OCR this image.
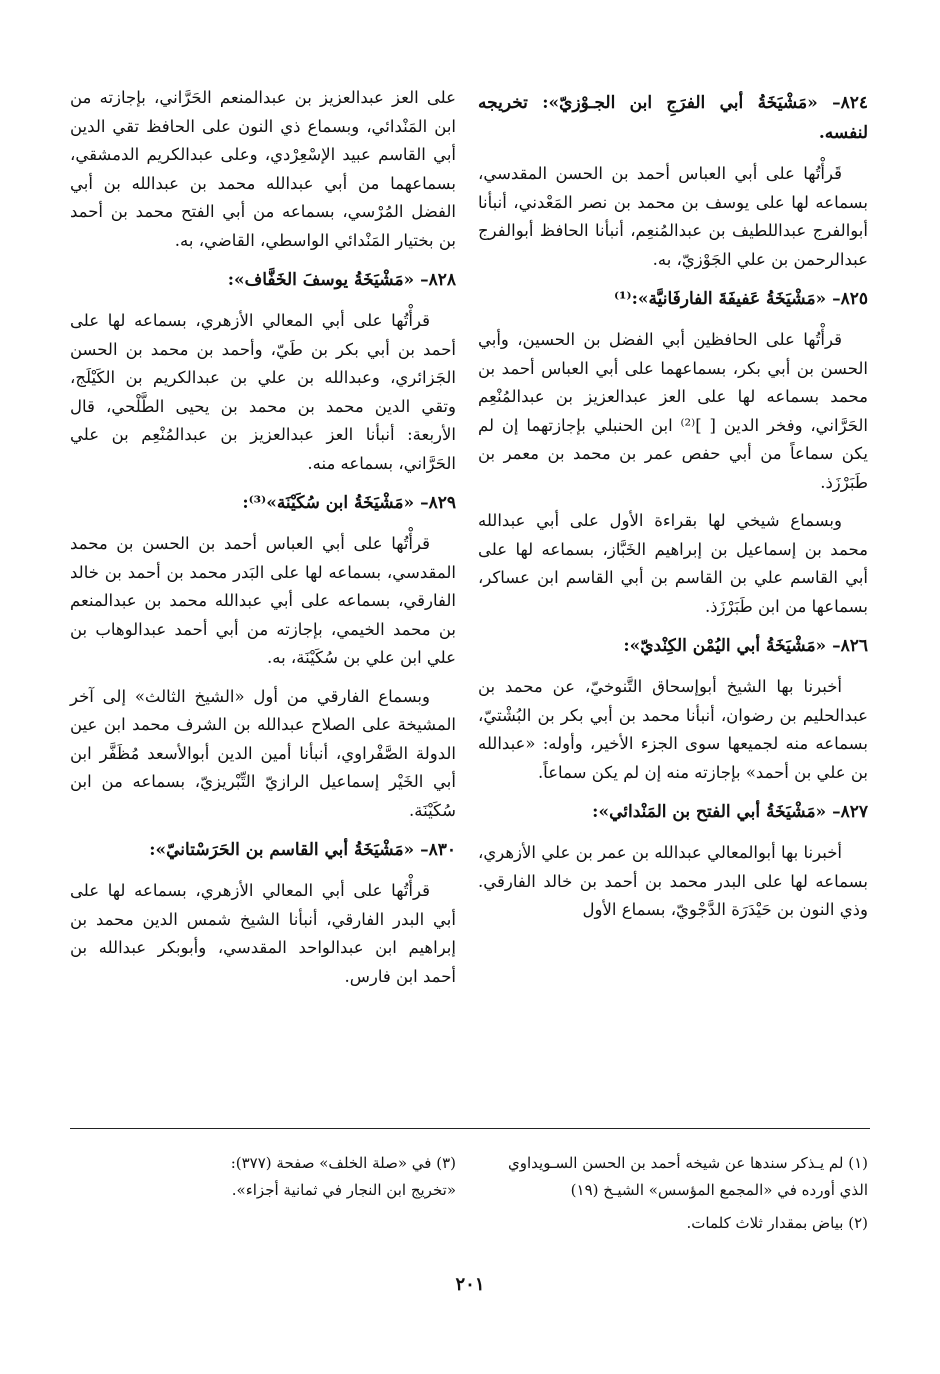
٨٢٤– «مَشْيَخَةُ أبي الفرَجِ ابن الجـوْزيّ»: تخريجه لنفسه.

قَرأْتُها على أبي العباس أحمد بن الحسن المقدسي، بسماعه لها على يوسف بن محمد بن نصر المَعْدني، أنبأنا أبوالفرج عبداللطيف بن عبدالمُنعِم، أنبأنا الحافظ أبوالفرج عبدالرحمن بن علي الجَوْزيّ، به.

٨٢٥– «مَشْيَخَةُ عَفيفَةَ الفارفَانيَّة»:⁽¹⁾

قرأْتُها على الحافظين أبي الفضل بن الحسين، وأبي الحسن بن أبي بكر، بسماعهما على أبي العباس أحمد بن محمد بسماعه لها على العز عبدالعزيز بن عبدالمُنْعِم الحَرَّاني، وفخر الدين [ ]⁽²⁾ ابن الحنبلي بإجازتهما إن لم يكن سماعاً من أبي حفص عمر بن محمد بن معمر بن طَبَرْزَذ.

وبسماع شيخي لها بقراءة الأول على أبي عبدالله محمد بن إسماعيل بن إبراهيم الخَبَّاز، بسماعه لها على أبي القاسم علي بن القاسم بن أبي القاسم ابن عساكر، بسماعها من ابن طَبَرْزَذ.

٨٢٦– «مَشْيَخَةُ أبي اليُمْن الكِنْديّ»:

أخبرنا بها الشيخ أبوإسحاق التَّنوخيّ، عن محمد بن عبدالحليم بن رضوان، أنبأنا محمد بن أبي بكر بن البُشْتيّ، بسماعه منه لجميعها سوى الجزء الأخير، وأوله: «عبدالله بن علي بن أحمد» بإجازته منه إن لم يكن سماعاً.

٨٢٧– «مَشْيَخَةُ أبي الفتح بن المَنْدائي»:

أخبرنا بها أبوالمعالي عبدالله بن عمر بن علي الأزهري، بسماعه لها على البدر محمد بن أحمد بن خالد الفارقي. وذي النون بن حَيْدَرَة الدَّجْويّ، بسماع الأول

على العز عبدالعزيز بن عبدالمنعم الحَرَّاني، بإجازته من ابن المَنْدائي، وبسماع ذي النون على الحافظ تقي الدين أبي القاسم عبيد الإسْعِرْدي، وعلى عبدالكريم الدمشقي، بسماعهما من أبي عبدالله محمد بن عبدالله بن أبي الفضل المُرْسي، بسماعه من أبي الفتح محمد بن أحمد بن بختيار المَنْدائي الواسطي، القاضي، به.

٨٢٨– «مَشْيَخَةُ يوسفَ الخَفَّاف»:

قرأْتُها على أبي المعالي الأزهري، بسماعه لها على أحمد بن أبي بكر بن طَيّ، وأحمد بن محمد بن الحسن الجَزائري، وعبدالله بن علي بن عبدالكريم بن الكَيْلَج، وتقي الدين محمد بن محمد بن يحيى الطَّلْحي، قال الأربعة: أنبأنا العز عبدالعزيز بن عبدالمُنْعِم بن علي الحَرَّاني، بسماعه منه.

٨٢٩– «مَشْيَخَةُ ابن سُكَيْنَة»⁽³⁾:

قرأْتُها على أبي العباس أحمد بن الحسن بن محمد المقدسي، بسماعه لها على البَدر محمد بن أحمد بن خالد الفارقي، بسماعه على أبي عبدالله محمد بن عبدالمنعم بن محمد الخيمي، بإجازته من أبي أحمد عبدالوهاب بن علي ابن علي بن سُكَيْنَة، به.

وبسماع الفارقي من أول «الشيخ الثالث» إلى آخر المشيخة على الصلاح عبدالله بن الشرف محمد ابن عين الدولة الصَّفْراوي، أنبأنا أمين الدين أبوالأسعد مُظَفَّر ابن أبي الخَيْر إسماعيل الرازيّ التِّبْريزيّ، بسماعه من ابن سُكَيْنَة.

٨٣٠– «مَشْيَخَةُ أبي القاسم بن الحَرَسْتانيّ»:

قرأْتُها على أبي المعالي الأزهري، بسماعه لها على أبي البدر الفارقي، أنبأنا الشيخ شمس الدين محمد بن إبراهيم ابن عبدالواحد المقدسي، وأبوبكر عبدالله بن أحمد ابن فارس.

(١) لم يـذكر سندها عن شيخه أحمد بن الحسن السـويداوي الذي أورده في «المجمع المؤسس» الشيـخ (١٩)

(٢) بياض بمقدار ثلاث كلمات.

(٣) في «صلة الخلف» صفحة (٣٧٧): «تخريج ابن النجار في ثمانية أجزاء».

٢٠١
